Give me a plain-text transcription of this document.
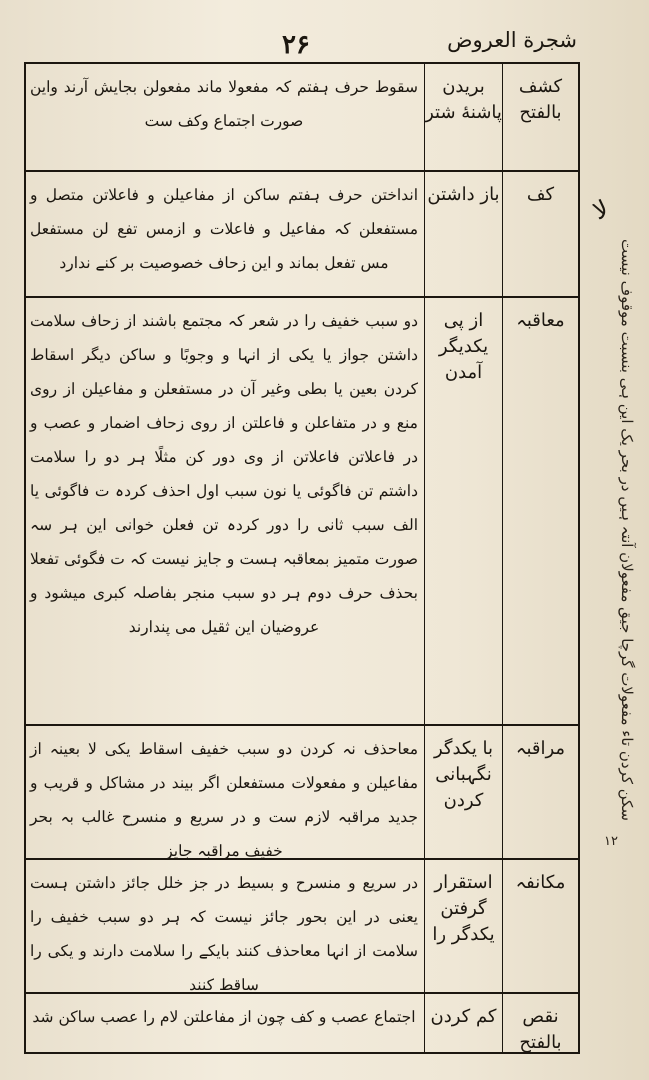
شجرة العروض
۲۶
کشف بالفتح
بریدن پاشنهٔ شتر
سقوط حرف ہفتم کہ مفعولا ماند مفعولن بجایش آرند واین صورت اجتماع وکف ست
کف
باز داشتن
انداختن حرف ہفتم ساکن از مفاعیلن و فاعلاتن متصل و مستفعلن کہ مفاعیل و فاعلات و ازمس تفع لن مستفعل مس تفعل بماند و این زحاف خصوصیت بر کنے ندارد
معاقبہ
از پی یکدیگر آمدن
دو سبب خفیف را در شعر کہ مجتمع باشند از زحاف سلامت داشتن جواز یا یکی از انہا و وجوبًا و ساکن دیگر اسقاط کردن بعین یا بطی وغیر آن در مستفعلن و مفاعیلن از روی منع و در متفاعلن و فاعلتن از روی زحاف اضمار و عصب و در فاعلاتن فاعلاتن از وی دور کن مثلًا ہر دو را سلامت داشتم تن فاگوئی یا نون سبب اول احذف کردہ ت فاگوئی یا الف سبب ثانی را دور کردہ تن فعلن خوانی این ہر سہ صورت متمیز بمعاقبہ ہست و جایز نیست کہ ت فگوئی تفعلا بحذف حرف دوم ہر دو سبب منجر بفاصلہ کبری میشود و عروضیان این ثقیل می پندارند
مراقبہ
با یکدگر نگہبانی کردن
معاحذف نہ کردن دو سبب خفیف اسقاط یکی لا بعینہ از مفاعیلن و مفعولات مستفعلن اگر بیند در مشاکل و قریب و جدید مراقبہ لازم ست و در سریع و منسرح غالب بہ بحر خفیف مراقبہ جایز
مکانفہ
استقرار گرفتن یکدگر را
در سریع و منسرح و بسیط در جز خلل جائز داشتن ہست یعنی در این بحور جائز نیست کہ ہر دو سبب خفیف را سلامت از انہا معاحذف کنند بایکے را سلامت دارند و یکی را ساقط کنند
نقص بالفتح
کم کردن
اجتماع عصب و کف چون از مفاعلتن لام را عصب ساکن شد
ﻻ
سکن کردن تاء مفعولات گرچا جیق مفعولان آنتہ ہیں در بحر یک این ہی بنسبت موقوف نیست
۱۲
